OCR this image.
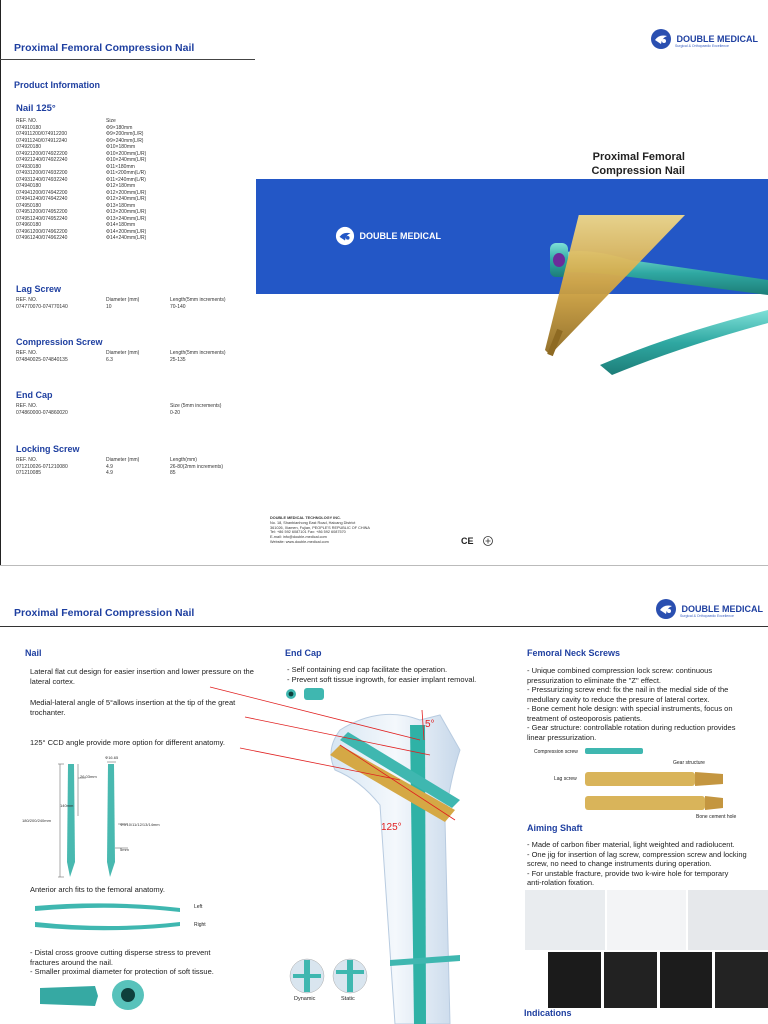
Proximal Femoral Compression Nail
Product Information
Nail 125°
REF. NO.	Size
074910180	Φ9×180mm
074911200/074912200	Φ9×200mm(L/R)
074911240/074912240	Φ9×240mm(L/R)
074920180	Φ10×180mm
074921200/074922200	Φ10×200mm(L/R)
074921240/074922240	Φ10×240mm(L/R)
074930180	Φ11×180mm
074931200/074932200	Φ11×200mm(L/R)
074931240/074932240	Φ11×240mm(L/R)
074940180	Φ12×180mm
074941200/074942200	Φ12×200mm(L/R)
074941240/074942240	Φ12×240mm(L/R)
074950180	Φ13×180mm
074951200/074952200	Φ13×200mm(L/R)
074951240/074952240	Φ13×240mm(L/R)
074960180	Φ14×180mm
074961200/074962200	Φ14×200mm(L/R)
074961240/074962240	Φ14×240mm(L/R)
Lag Screw
REF. NO.	Diameter (mm)	Length(5mm increments)
074770070-074770140	10	70-140
Compression Screw
REF. NO.	Diameter (mm)	Length(5mm increments)
074840025-074840135	6.3	25-135
End Cap
REF. NO.	Size (5mm increments)
074860000-074860020	0-20
Locking Screw
REF. NO.	Diameter (mm)	Length(mm)
071210026-071210080	4.9	26-80(2mm increments)
071210085	4.9	85
DOUBLE MEDICAL
Surgical & Orthopaedic Excellence
Proximal Femoral
Compression Nail
DOUBLE MEDICAL
DOUBLE MEDICAL TECHNOLOGY INC.
No. 18, Shanbianhong East Road, Haicang District
361026, Xiamen, Fujian, PEOPLE'S REPUBLIC OF CHINA
Tel: +86 592 6087101 Fax: +86 592 6087570
E-mail: info@double-medical.com
Website: www.double-medical.com	CE
Proximal Femoral Compression Nail	DOUBLE MEDICAL
Surgical & Orthopaedic Excellence
Nail
Lateral flat cut design for easier insertion and lower pressure on the lateral cortex.
Medial-lateral angle of 5°allows insertion at the tip of the great trochanter.
125° CCD angle provide more option for different anatomy.
180/200/240mm
140mm
26.03mm
Φ16.65
Φ9/10/11/12/13/14mm
5mm
Anterior arch fits to the femoral anatomy.
Left
Right
- Distal cross groove cutting disperse stress to prevent
fractures around the nail.
- Smaller proximal diameter for protection of soft tissue.
End Cap
- Self containing end cap facilitate the operation.
- Prevent soft tissue ingrowth, for easier implant removal.
5°
125°
Dynamic	Static
Femoral Neck Screws
- Unique combined compression lock screw: continuous
pressurization to eliminate the "Z" effect.
- Pressurizing screw end: fix the nail in the medial side of the
medullary cavity to reduce the presure of lateral cortex.
- Bone cement hole design: with special instruments, focus on
treatment of osteoporosis patients.
- Gear structure: controllable rotation during reduction provides
linear pressurization.
Compression screw
Gear structure
Lag screw
Bone cement hole
Aiming Shaft
- Made of carbon fiber material, light weighted and radiolucent.
- One jig for insertion of lag screw, compression screw and locking
screw, no need to change instruments during operation.
- For unstable fracture, provide two k-wire hole for temporary
anti-rolation fixation.
Indications
